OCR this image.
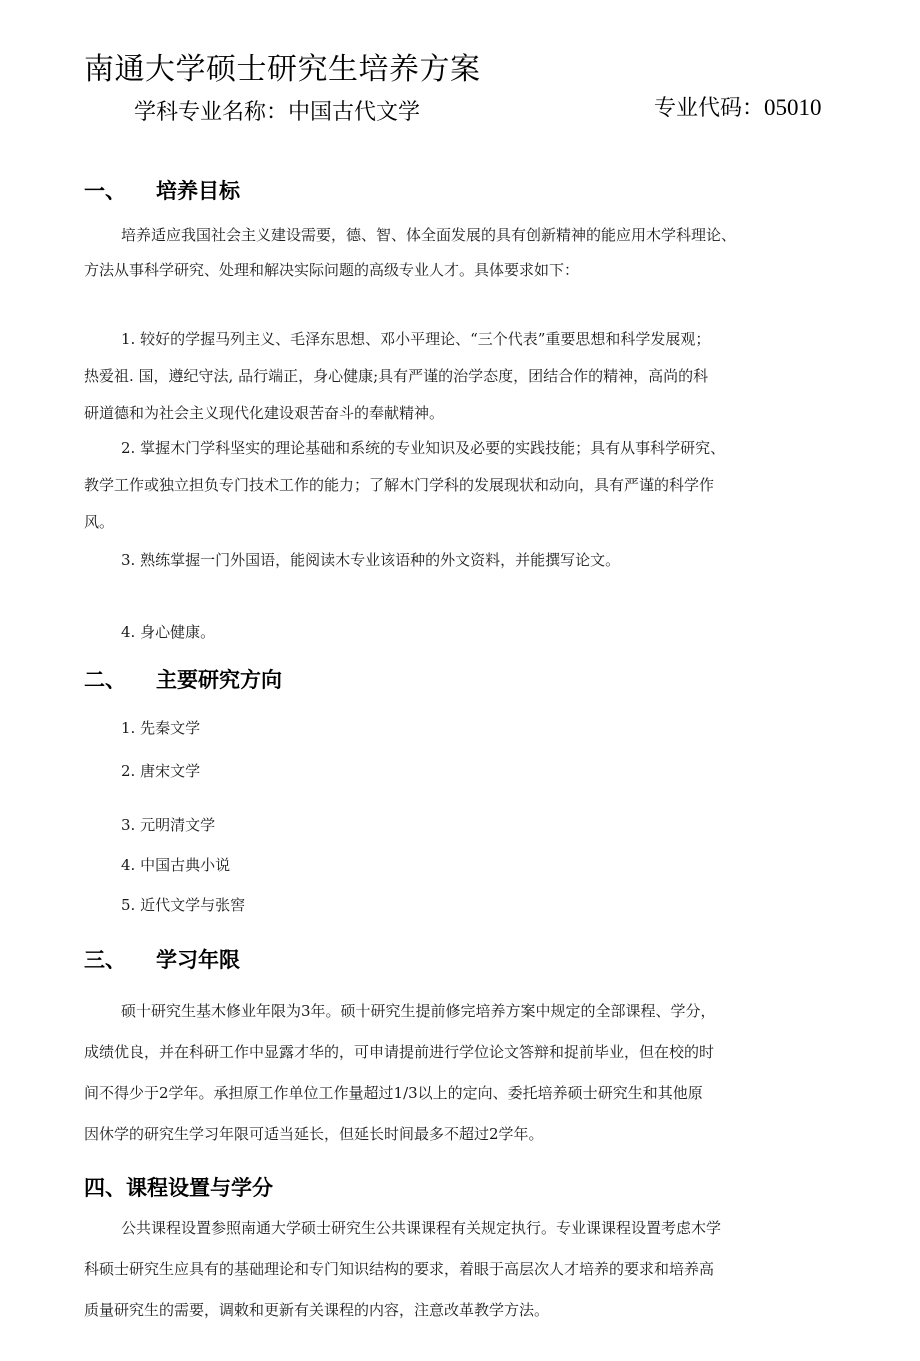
南通大学硕士研究生培养方案
学科专业名称：中国古代文学	专业代码：05010
一、 培养目标
培养适应我国社会主义建设需要，德、智、体全面发展的具有创新精神的能应用木学科理论、
方法从事科学研究、处理和解决实际问题的高级专业人才。具体要求如下：
1. 较好的学握马列主义、毛泽东思想、邓小平理论、“三个代表”重要思想和科学发展观；
热爱祖. 国，遵纪守法, 品行端正，身心健康;具有严谨的治学态度，团结合作的精神，高尚的科
研道德和为社会主义现代化建设艰苦奋斗的奉献精神。
2. 掌握木门学科坚实的理论基础和系统的专业知识及必要的实践技能；具有从事科学研究、
教学工作或独立担负专门技术工作的能力；了解木门学科的发展现状和动向，具有严谨的科学作
风。
3. 熟练掌握一门外国语，能阅读木专业该语种的外文资料，并能撰写论文。
4. 身心健康。
二、 主要研究方向
1. 先秦文学
2. 唐宋文学
3. 元明清文学
4. 中国古典小说
5. 近代文学与张窖
三、 学习年限
硕十研究生基木修业年限为3年。硕十研究生提前修完培养方案中规定的全部课程、学分，
成绩优良，并在科研工作中显露才华的，可申请提前进行学位论文答辩和捉前毕业，但在校的时
间不得少于2学年。承担原工作单位工作量超过1/3以上的定向、委托培养硕士研究生和其他原
因休学的研究生学习年限可适当延长，但延长时间最多不超过2学年。
四、课程设置与学分
公共课程设置参照南通大学硕士研究生公共课课程有关规定执行。专业课课程设置考虑木学
科硕士研究生应具有的基础理论和专门知识结构的要求，着眼于高层次人才培养的要求和培养高
质量研究生的需要，调敕和更新有关课程的内容，注意改革教学方法。
